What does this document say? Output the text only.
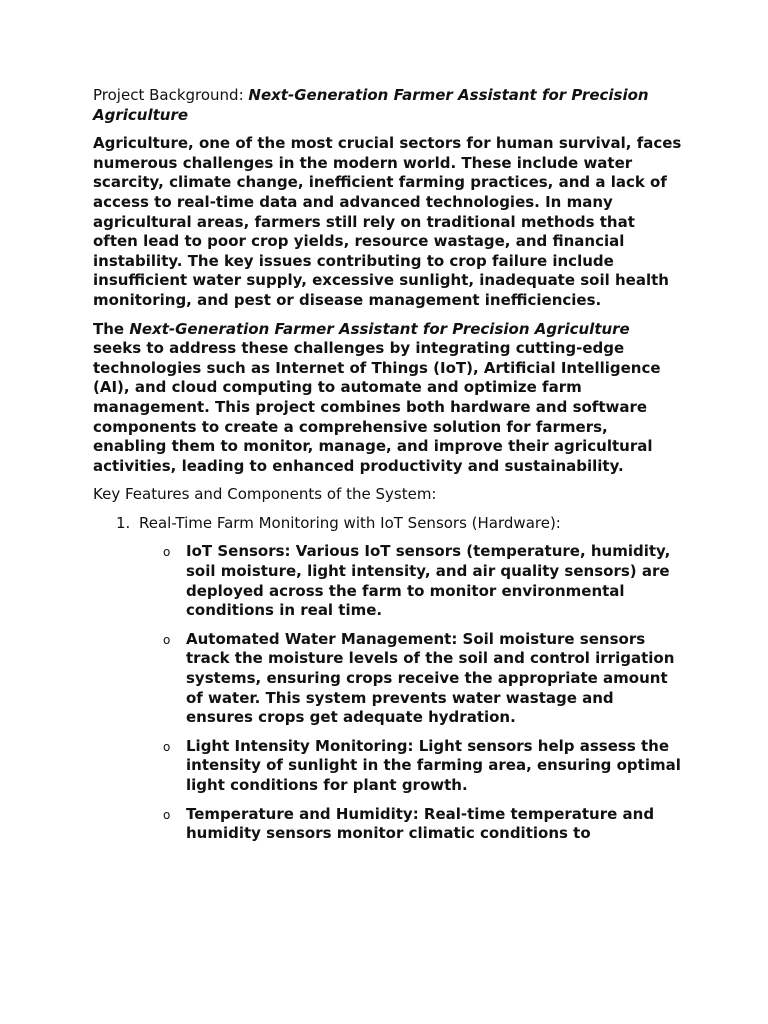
Project Background: Next-Generation Farmer Assistant for Precision Agriculture

Agriculture, one of the most crucial sectors for human survival, faces numerous challenges in the modern world. These include water scarcity, climate change, inefficient farming practices, and a lack of access to real-time data and advanced technologies. In many agricultural areas, farmers still rely on traditional methods that often lead to poor crop yields, resource wastage, and financial instability. The key issues contributing to crop failure include insufficient water supply, excessive sunlight, inadequate soil health monitoring, and pest or disease management inefficiencies.

The Next-Generation Farmer Assistant for Precision Agriculture seeks to address these challenges by integrating cutting-edge technologies such as Internet of Things (IoT), Artificial Intelligence (AI), and cloud computing to automate and optimize farm management. This project combines both hardware and software components to create a comprehensive solution for farmers, enabling them to monitor, manage, and improve their agricultural activities, leading to enhanced productivity and sustainability.

Key Features and Components of the System:
1. Real-Time Farm Monitoring with IoT Sensors (Hardware):
o IoT Sensors: Various IoT sensors (temperature, humidity, soil moisture, light intensity, and air quality sensors) are deployed across the farm to monitor environmental conditions in real time.
o Automated Water Management: Soil moisture sensors track the moisture levels of the soil and control irrigation systems, ensuring crops receive the appropriate amount of water. This system prevents water wastage and ensures crops get adequate hydration.
o Light Intensity Monitoring: Light sensors help assess the intensity of sunlight in the farming area, ensuring optimal light conditions for plant growth.
o Temperature and Humidity: Real-time temperature and humidity sensors monitor climatic conditions to
